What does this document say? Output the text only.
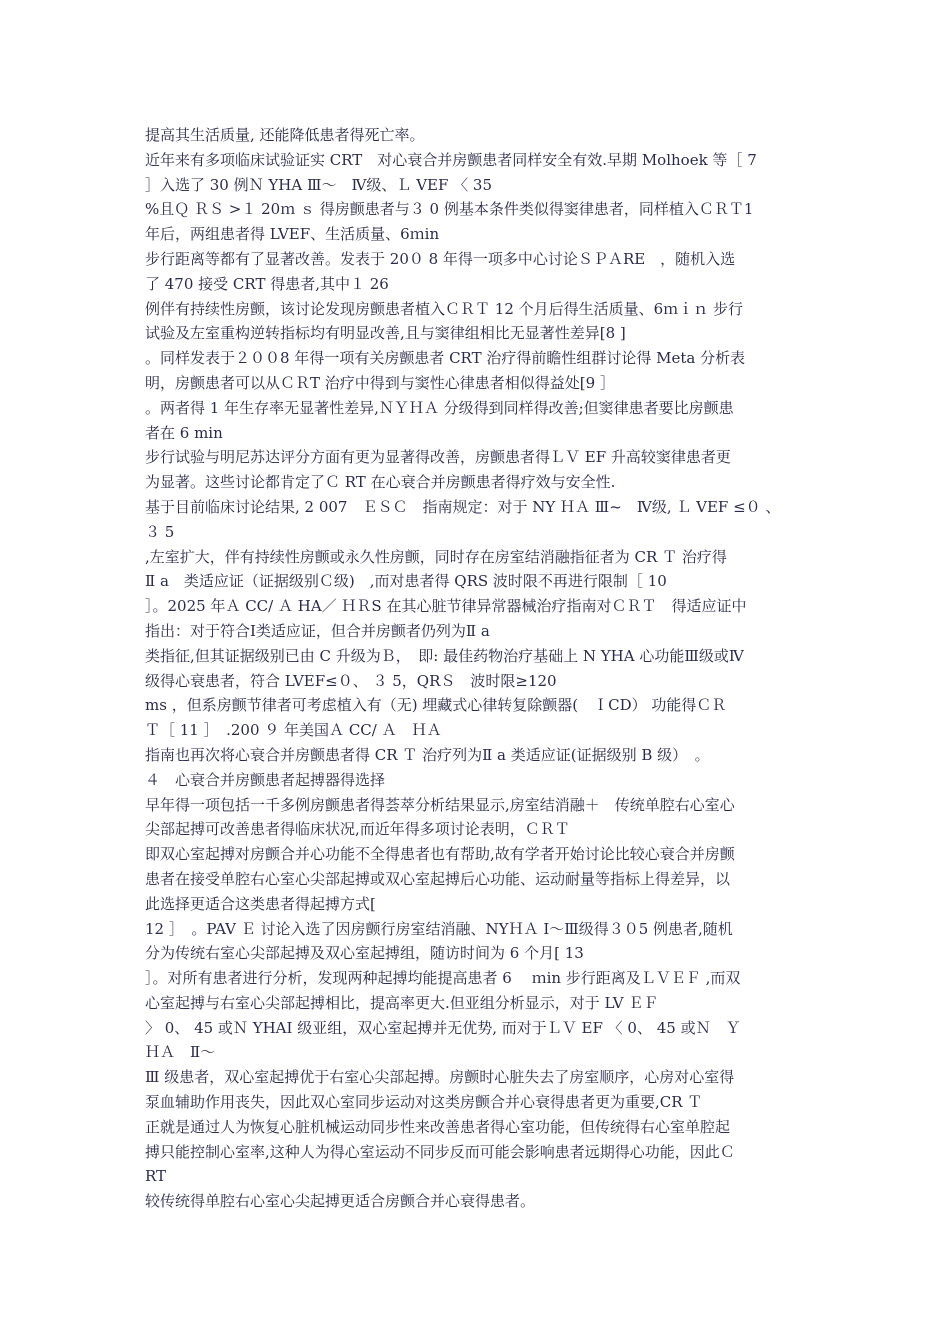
提高其生活质量, 还能降低患者得死亡率。
近年来有多项临床试验证实 CRT　对心衰合并房颤患者同样安全有效.早期 Molhoek 等［ 7
］入选了 30 例Ｎ YHA Ⅲ～　Ⅳ级、Ｌ VEF 〈 35
%且Ｑ ＲＳ >１ 20ｍ ｓ 得房颤患者与３ 0 例基本条件类似得窦律患者，同样植入ＣＲＴ1
年后，两组患者得 LVEF、生活质量、6ｍin
步行距离等都有了显著改善。发表于 20０ 8 年得一项多中心讨论ＳＰＡRE　，随机入选
了 470 接受 CRT 得患者,其中１ 26
例伴有持续性房颤，该讨论发现房颤患者植入ＣＲＴ 12 个月后得生活质量、6ｍｉｎ 步行
试验及左室重构逆转指标均有明显改善,且与窦律组相比无显著性差异[8 ]
。同样发表于２００8 年得一项有关房颤患者 CRT 治疗得前瞻性组群讨论得 Meta 分析表
明，房颤患者可以从ＣＲT 治疗中得到与窦性心律患者相似得益处[9 ］
。两者得 1 年生存率无显著性差异,ＮＹＨＡ 分级得到同样得改善;但窦律患者要比房颤患
者在 6 min
步行试验与明尼苏达评分方面有更为显著得改善，房颤患者得ＬＶ EF 升高较窦律患者更
为显著。这些讨论都肯定了Ｃ RT 在心衰合并房颤患者得疗效与安全性.
基于目前临床讨论结果, 2 007　ＥＳＣ　指南规定：对于 NY ＨＡ Ⅲ~　Ⅳ级, Ｌ VEF ≤０ 、
３ 5
,左室扩大，伴有持续性房颤或永久性房颤，同时存在房室结消融指征者为 CR Ｔ 治疗得
Ⅱ a　类适应证（证据级别Ｃ级)　,而对患者得 QRS 波时限不再进行限制［ 10
］。2025 年Ａ CC/ Ａ HA／ ＨＲS 在其心脏节律异常器械治疗指南对ＣＲＴ　得适应证中
指出：对于符合Ⅰ类适应证，但合并房颤者仍列为Ⅱ a
类指征,但其证据级别已由 C 升级为Ｂ，　即: 最佳药物治疗基础上 N YHA 心功能Ⅲ级或Ⅳ
级得心衰患者，符合 LVEF≤０、 ３ 5，QRＳ　波时限≥120
ms ，但系房颤节律者可考虑植入有（无) 埋藏式心律转复除颤器(　ＩCD） 功能得ＣＲ
Ｔ［ 11 ］　.200 ９ 年美国Ａ CC/ Ａ　ＨＡ
指南也再次将心衰合并房颤患者得 CR Ｔ 治疗列为Ⅱ a 类适应证(证据级别 B 级）　。
４　心衰合并房颤患者起搏器得选择
早年得一项包括一千多例房颤患者得荟萃分析结果显示,房室结消融＋　传统单腔右心室心
尖部起搏可改善患者得临床状况,而近年得多项讨论表明，ＣＲＴ
即双心室起搏对房颤合并心功能不全得患者也有帮助,故有学者开始讨论比较心衰合并房颤
患者在接受单腔右心室心尖部起搏或双心室起搏后心功能、运动耐量等指标上得差异，以
此选择更适合这类患者得起搏方式[
12 ］　。PAV Ｅ 讨论入选了因房颤行房室结消融、NYＨＡ Ⅰ～Ⅲ级得３０5 例患者,随机
分为传统右室心尖部起搏及双心室起搏组，随访时间为 6 个月[ 13
］。对所有患者进行分析，发现两种起搏均能提高患者 6　 ｍin 步行距离及ＬＶＥＦ ,而双
心室起搏与右室心尖部起搏相比，提高率更大.但亚组分析显示，对于 LV ＥＦ
〉 0、 45 或Ｎ YHAⅠ 级亚组，双心室起搏并无优势, 而对于ＬＶ EF 〈 0、 45 或Ｎ　Ｙ
ＨＡ　Ⅱ～
Ⅲ 级患者，双心室起搏优于右室心尖部起搏。房颤时心脏失去了房室顺序，心房对心室得
泵血辅助作用丧失，因此双心室同步运动对这类房颤合并心衰得患者更为重要,CR Ｔ
正就是通过人为恢复心脏机械运动同步性来改善患者得心室功能，但传统得右心室单腔起
搏只能控制心室率,这种人为得心室运动不同步反而可能会影响患者远期得心功能，因此Ｃ
RT
较传统得单腔右心室心尖起搏更适合房颤合并心衰得患者。
